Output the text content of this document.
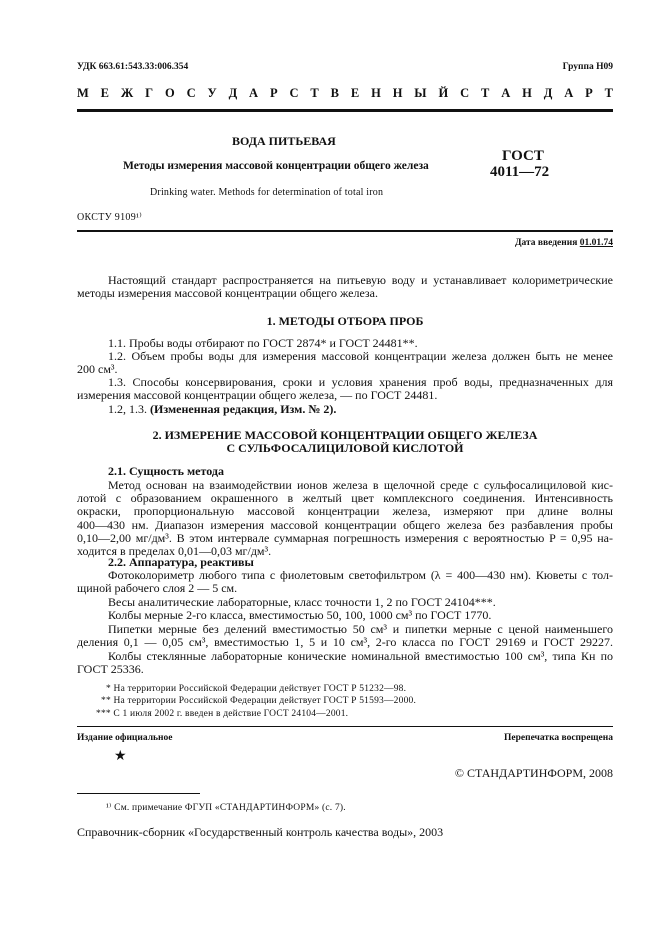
УДК 663.61:543.33:006.354	Группа Н09
М Е Ж Г О С У Д А Р С Т В Е Н Н Ы Й С Т А Н Д А Р Т
ВОДА ПИТЬЕВАЯ
Методы измерения массовой концентрации общего железа
ГОСТ
4011—72
Drinking water. Methods for determination of total iron
ОКСТУ 9109¹⁾
Дата введения 01.01.74
Настоящий стандарт распространяется на питьевую воду и устанавливает колориметрические
методы измерения массовой концентрации общего железа.
1. МЕТОДЫ ОТБОРА ПРОБ
1.1. Пробы воды отбирают по ГОСТ 2874* и ГОСТ 24481**.
1.2. Объем пробы воды для измерения массовой концентрации железа должен быть не менее
200 см³.
1.3. Способы консервирования, сроки и условия хранения проб воды, предназначенных для
измерения массовой концентрации общего железа, — по ГОСТ 24481.
1.2, 1.3. (Измененная редакция, Изм. № 2).
2. ИЗМЕРЕНИЕ МАССОВОЙ КОНЦЕНТРАЦИИ ОБЩЕГО ЖЕЛЕЗА
С СУЛЬФОСАЛИЦИЛОВОЙ КИСЛОТОЙ
2.1. Сущность метода
Метод основан на взаимодействии ионов железа в щелочной среде с сульфосалициловой кис-
лотой с образованием окрашенного в желтый цвет комплексного соединения. Интенсивность
окраски, пропорциональную массовой концентрации железа, измеряют при длине волны
400—430 нм. Диапазон измерения массовой концентрации общего железа без разбавления пробы
0,10—2,00 мг/дм³. В этом интервале суммарная погрешность измерения с вероятностью P = 0,95 на-
ходится в пределах 0,01—0,03 мг/дм³.
2.2. Аппаратура, реактивы
Фотоколориметр любого типа с фиолетовым светофильтром (λ = 400—430 нм). Кюветы с тол-
щиной рабочего слоя 2 — 5 см.
Весы аналитические лабораторные, класс точности 1, 2 по ГОСТ 24104***.
Колбы мерные 2-го класса, вместимостью 50, 100, 1000 см³ по ГОСТ 1770.
Пипетки мерные без делений вместимостью 50 см³ и пипетки мерные с ценой наименьшего
деления 0,1 — 0,05 см³, вместимостью 1, 5 и 10 см³, 2-го класса по ГОСТ 29169 и ГОСТ 29227.
Колбы стеклянные лабораторные конические номинальной вместимостью 100 см³, типа Кн по
ГОСТ 25336.
* На территории Российской Федерации действует ГОСТ Р 51232—98.
** На территории Российской Федерации действует ГОСТ Р 51593—2000.
*** С 1 июля 2002 г. введен в действие ГОСТ 24104—2001.
Издание официальное	Перепечатка воспрещена
★
© СТАНДАРТИНФОРМ, 2008
¹⁾ См. примечание ФГУП «СТАНДАРТИНФОРМ» (с. 7).
Справочник-сборник «Государственный контроль качества воды», 2003
